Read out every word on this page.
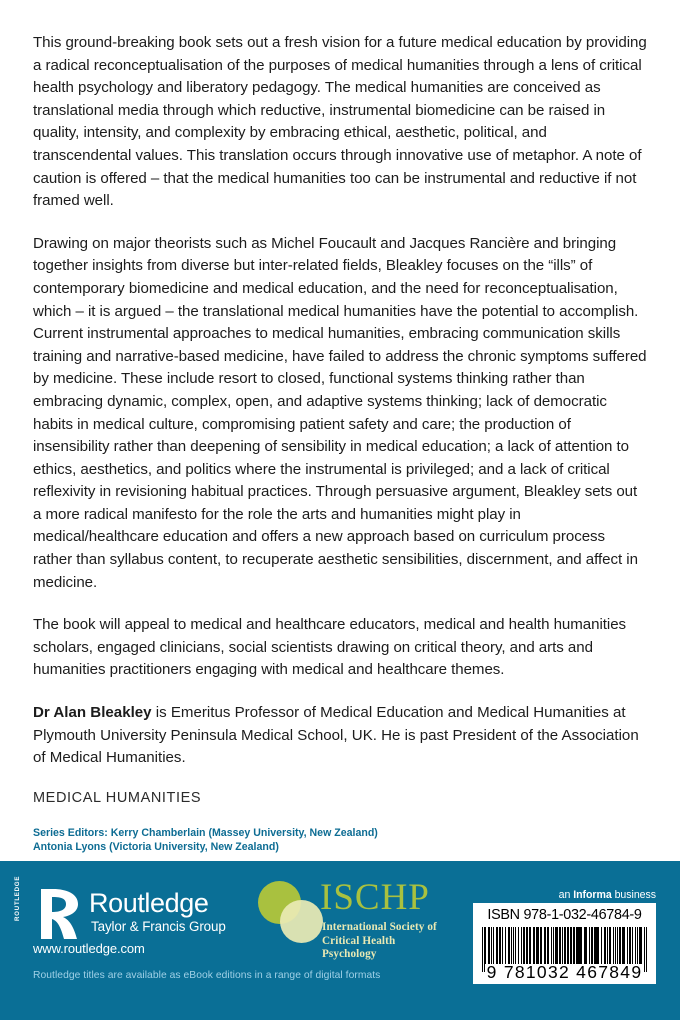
This ground-breaking book sets out a fresh vision for a future medical education by providing a radical reconceptualisation of the purposes of medical humanities through a lens of critical health psychology and liberatory pedagogy. The medical humanities are conceived as translational media through which reductive, instrumental biomedicine can be raised in quality, intensity, and complexity by embracing ethical, aesthetic, political, and transcendental values. This translation occurs through innovative use of metaphor. A note of caution is offered – that the medical humanities too can be instrumental and reductive if not framed well.

Drawing on major theorists such as Michel Foucault and Jacques Rancière and bringing together insights from diverse but inter-related fields, Bleakley focuses on the “ills” of contemporary biomedicine and medical education, and the need for reconceptualisation, which – it is argued – the translational medical humanities have the potential to accomplish. Current instrumental approaches to medical humanities, embracing communication skills training and narrative-based medicine, have failed to address the chronic symptoms suffered by medicine. These include resort to closed, functional systems thinking rather than embracing dynamic, complex, open, and adaptive systems thinking; lack of democratic habits in medical culture, compromising patient safety and care; the production of insensibility rather than deepening of sensibility in medical education; a lack of attention to ethics, aesthetics, and politics where the instrumental is privileged; and a lack of critical reflexivity in revisioning habitual practices. Through persuasive argument, Bleakley sets out a more radical manifesto for the role the arts and humanities might play in medical/healthcare education and offers a new approach based on curriculum process rather than syllabus content, to recuperate aesthetic sensibilities, discernment, and affect in medicine.

The book will appeal to medical and healthcare educators, medical and health humanities scholars, engaged clinicians, social scientists drawing on critical theory, and arts and humanities practitioners engaging with medical and healthcare themes.

Dr Alan Bleakley is Emeritus Professor of Medical Education and Medical Humanities at Plymouth University Peninsula Medical School, UK. He is past President of the Association of Medical Humanities.

MEDICAL HUMANITIES
Series Editors: Kerry Chamberlain (Massey University, New Zealand)
Antonia Lyons (Victoria University, New Zealand)
ROUTLEDGE	Routledge
Taylor & Francis Group
www.routledge.com
ISCHP
International Society of
Critical Health Psychology
an Informa business
ISBN 978-1-032-46784-9
9 781032 467849
Routledge titles are available as eBook editions in a range of digital formats
